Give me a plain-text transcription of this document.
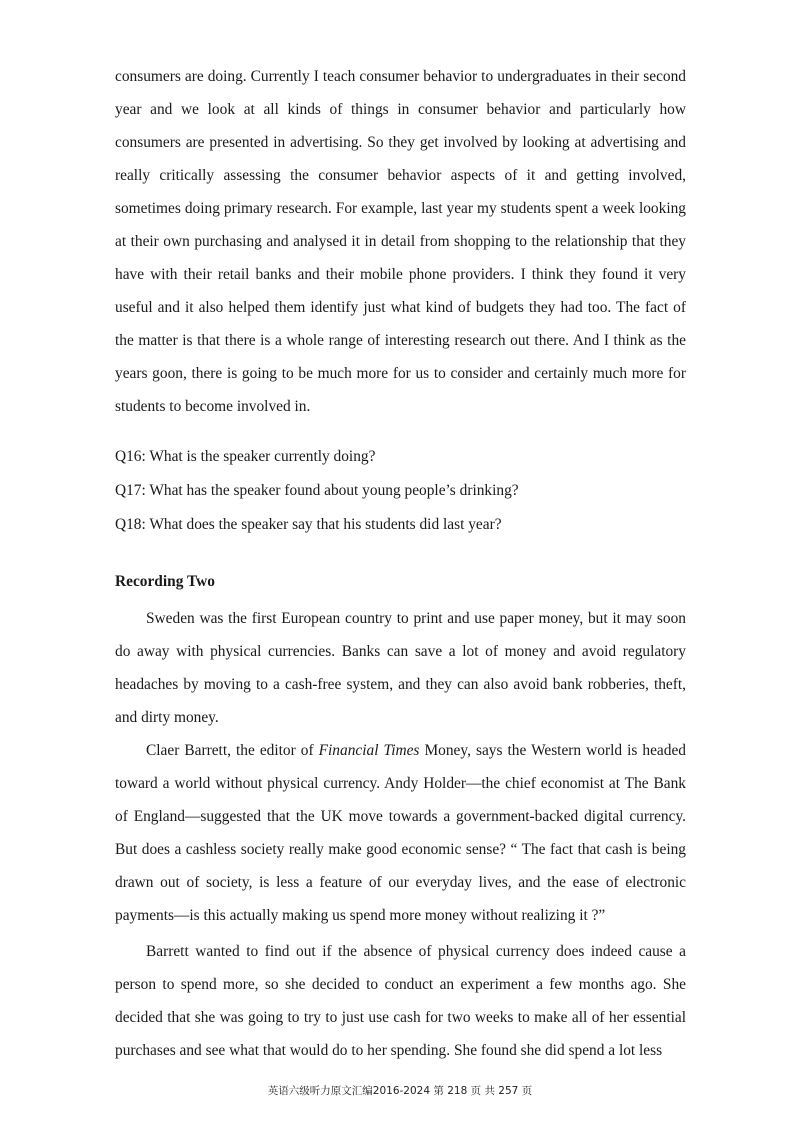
consumers are doing. Currently I teach consumer behavior to undergraduates in their second year and we look at all kinds of things in consumer behavior and particularly how consumers are presented in advertising. So they get involved by looking at advertising and really critically assessing the consumer behavior aspects of it and getting involved, sometimes doing primary research. For example, last year my students spent a week looking at their own purchasing and analysed it in detail from shopping to the relationship that they have with their retail banks and their mobile phone providers. I think they found it very useful and it also helped them identify just what kind of budgets they had too. The fact of the matter is that there is a whole range of interesting research out there. And I think as the years goon, there is going to be much more for us to consider and certainly much more for students to become involved in.

Q16: What is the speaker currently doing?

Q17: What has the speaker found about young people’s drinking?

Q18: What does the speaker say that his students did last year?

Recording Two

Sweden was the first European country to print and use paper money, but it may soon do away with physical currencies. Banks can save a lot of money and avoid regulatory headaches by moving to a cash-free system, and they can also avoid bank robberies, theft, and dirty money.

Claer Barrett, the editor of Financial Times Money, says the Western world is headed toward a world without physical currency. Andy Holder—the chief economist at The Bank of England—suggested that the UK move towards a government-backed digital currency. But does a cashless society really make good economic sense? “ The fact that cash is being drawn out of society, is less a feature of our everyday lives, and the ease of electronic payments—is this actually making us spend more money without realizing it ?”

Barrett wanted to find out if the absence of physical currency does indeed cause a person to spend more, so she decided to conduct an experiment a few months ago. She decided that she was going to try to just use cash for two weeks to make all of her essential purchases and see what that would do to her spending. She found she did spend a lot less

英语六级听力原文汇编2016-2024 第 218 页 共 257 页
